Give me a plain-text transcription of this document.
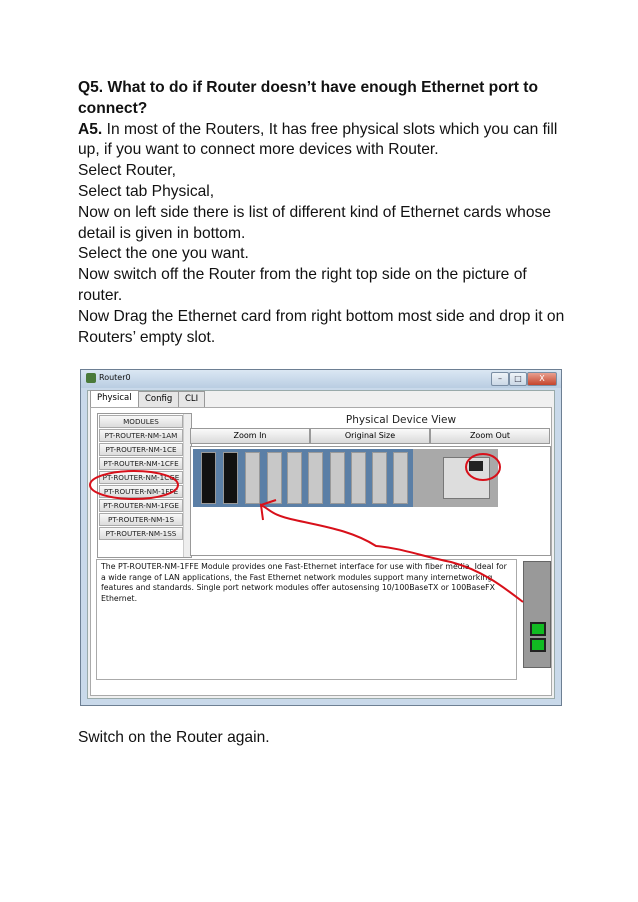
Q5. What to do if Router doesn’t have enough Ethernet port to connect?

A5. In most of the Routers, It has free physical slots which you can fill up, if you want to connect more devices with Router.

Select Router,

Select tab Physical,

Now on left side there is list of different kind of Ethernet cards whose detail is given in bottom.

Select the one you want.

Now switch off the Router from the right top side on the picture of router.

Now Drag the Ethernet card from right bottom most side and drop it on Routers’ empty slot.

Router0	–	□	X
Physical	Config	CLI
MODULES
PT-ROUTER-NM-1AM
PT-ROUTER-NM-1CE
PT-ROUTER-NM-1CFE
PT-ROUTER-NM-1CGE
PT-ROUTER-NM-1FFE
PT-ROUTER-NM-1FGE
PT-ROUTER-NM-1S
PT-ROUTER-NM-1SS
Physical Device View
Zoom In	Original Size	Zoom Out
The PT-ROUTER-NM-1FFE Module provides one Fast-Ethernet interface for use with fiber media. Ideal for a wide range of LAN applications, the Fast Ethernet network modules support many internetworking features and standards. Single port network modules offer autosensing 10/100BaseTX or 100BaseFX Ethernet.

Switch on the Router again.
